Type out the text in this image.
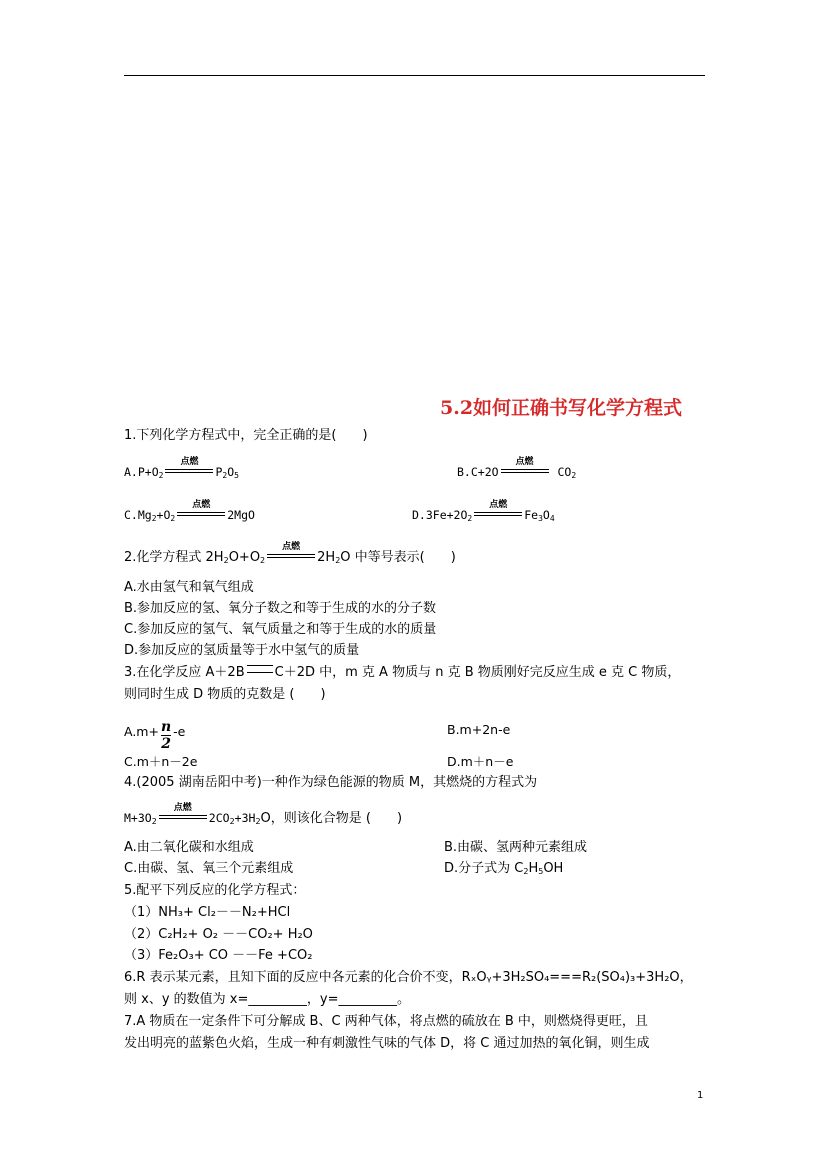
5.2如何正确书写化学方程式
1.下列化学方程式中，完全正确的是(　　)
$A.P+O_2$
点燃
$P_2O_5$	B.C+2O
点燃
$CO_2$
$C.Mg_2+O_2$
点燃
2MgO	$D.3Fe+2O_2$
点燃
$Fe_3O_4$
2.化学方程式 $2H_2O+O_2$
点燃
$2H_2O$ 中等号表示(　　)
A.水由氢气和氧气组成
B.参加反应的氢、氧分子数之和等于生成的水的分子数
C.参加反应的氢气、氧气质量之和等于生成的水的质量
D.参加反应的氢质量等于水中氢气的质量
3.在化学反应 A＋2B C＋2D 中，m 克 A 物质与 n 克 B 物质刚好完反应生成 e 克 C 物质，
则同时生成 D 物质的克数是 (　　)
$A.m+ \frac{n}{2} -e$	B.m+2n-e
C.m＋n－2e	D.m＋n－e
4.(2005 湖南岳阳中考)一种作为绿色能源的物质 M，其燃烧的方程式为
$M+3O_2$
点燃
$2CO_2+3H_2O$，则该化合物是 (　　)
A.由二氧化碳和水组成	B.由碳、氢两种元素组成
C.由碳、氢、氧三个元素组成	D.分子式为 $C_2H_5OH$
5.配平下列反应的化学方程式：
（1）NH₃+ Cl₂－－N₂+HCl
（2）C₂H₂+ O₂ －－CO₂+ H₂O
（3）Fe₂O₃+ CO －－Fe +CO₂
6.R 表示某元素，且知下面的反应中各元素的化合价不变，RₓOᵧ+3H₂SO₄===R₂(SO₄)₃+3H₂O，
则 x、y 的数值为 x=_________，y=_________。
7.A 物质在一定条件下可分解成 B、C 两种气体，将点燃的硫放在 B 中，则燃烧得更旺，且
发出明亮的蓝紫色火焰，生成一种有刺激性气味的气体 D，将 C 通过加热的氧化铜，则生成
1
